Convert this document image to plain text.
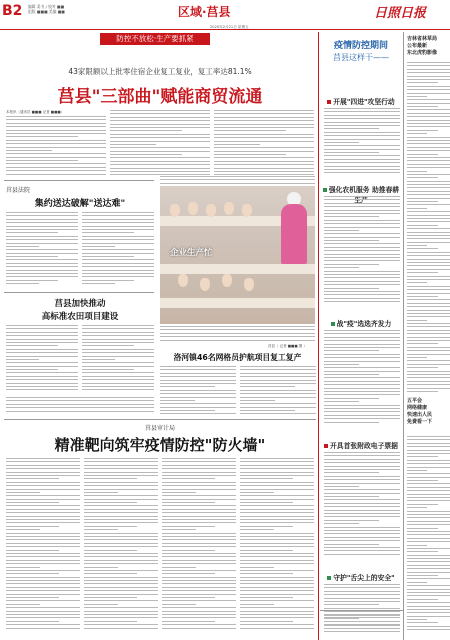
B2 编辑 姜书 / 校对 ■■
组版 ■■■ 美编 ■■	区域·莒县
2020年2月21日 星期五
日照日报
防控不放松·生产要抓紧
43家限额以上批零住宿企业复工复业，复工率达81.1%
莒县"三部曲"赋能商贸流通
本报讯（通讯员 ■■■ 记者 ■■■）
莒县法院
集约送达破解"送达难"
莒县加快推动
高标准农田项目建设
企业生产忙
莒县（ 记者 ■■■ 摄 ）
洛河镇46名网格员护航项目复工复产
莒县审计局
精准靶向筑牢疫情防控"防火墙"
疫情防控期间
莒县这样干——
开展"四进"攻坚行动
强化农机服务 助推春耕
战"疫"选选齐发力
开具首张附政电子票据
守护"舌尖上的安全"
吉林省林草局
公布最新
东北虎豹影像
五平会
网络健康
快速出人民
免费看一下
